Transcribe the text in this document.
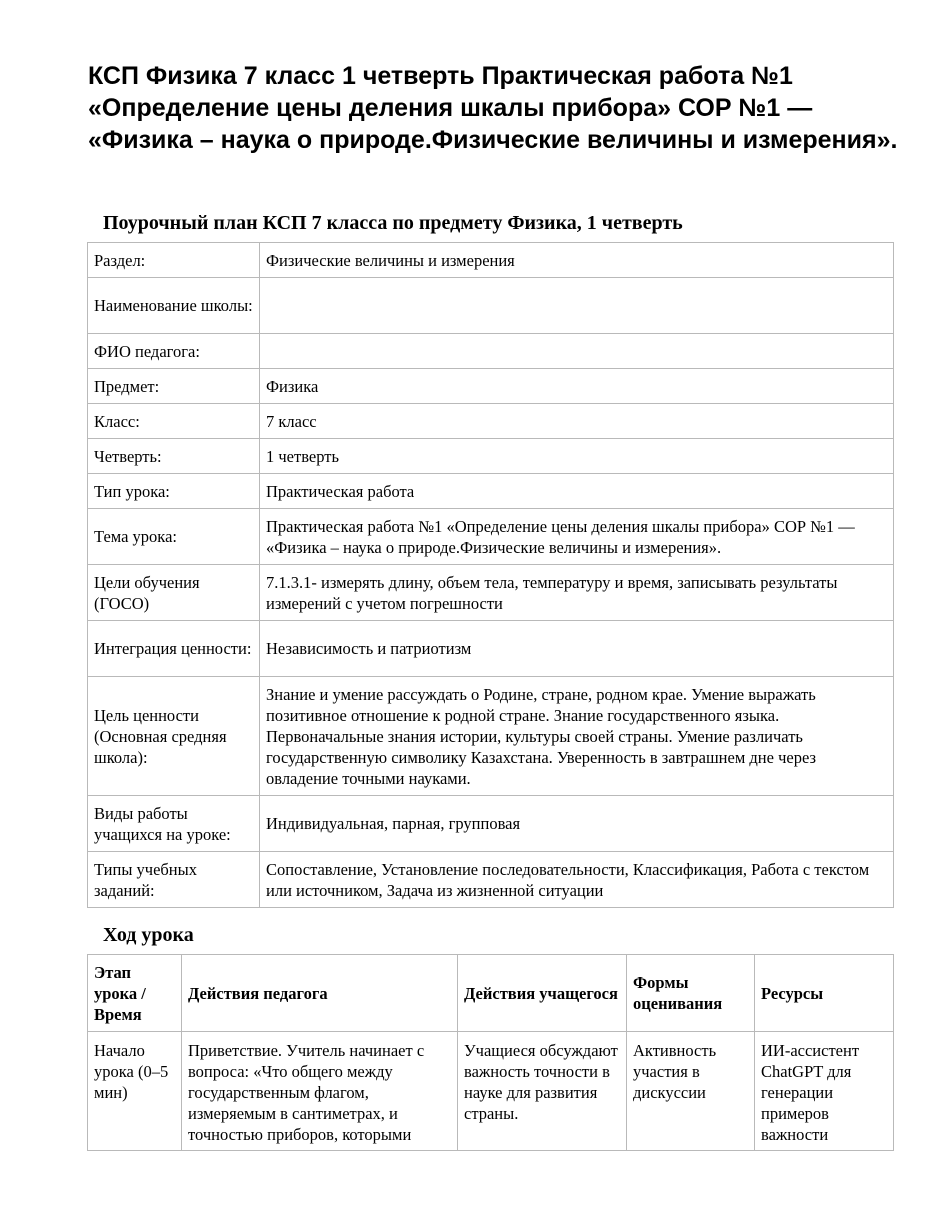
КСП Физика 7 класс 1 четверть Практическая работа №1 «Определение цены деления шкалы прибора» СОР №1 — «Физика – наука о природе.Физические величины и измерения».
Поурочный план КСП 7 класса по предмету Физика, 1 четверть
Раздел:	Физические величины и измерения
Наименование школы:	
ФИО педагога:	
Предмет:	Физика
Класс:	7 класс
Четверть:	1 четверть
Тип урока:	Практическая работа
Тема урока:	Практическая работа №1 «Определение цены деления шкалы прибора» СОР №1 — «Физика – наука о природе.Физические величины и измерения».
Цели обучения (ГОСО)	7.1.3.1- измерять длину, объем тела, температуру и время, записывать результаты измерений с учетом погрешности
Интеграция ценности:	Независимость и патриотизм
Цель ценности (Основная средняя школа):	Знание и умение рассуждать о Родине, стране, родном крае. Умение выражать позитивное отношение к родной стране. Знание государственного языка. Первоначальные знания истории, культуры своей страны. Умение различать государственную символику Казахстана. Уверенность в завтрашнем дне через овладение точными науками.
Виды работы учащихся на уроке:	Индивидуальная, парная, групповая
Типы учебных заданий:	Сопоставление, Установление последовательности, Классификация, Работа с текстом или источником, Задача из жизненной ситуации
Ход урока
Этап урока / Время	Действия педагога	Действия учащегося	Формы оценивания	Ресурсы

Начало урока (0–5 мин)	Приветствие. Учитель начинает с вопроса: «Что общего между государственным флагом, измеряемым в сантиметрах, и точностью приборов, которыми	Учащиеся обсуждают важность точности в науке для развития страны.	Активность участия в дискуссии	ИИ-ассистент ChatGPT для генерации примеров важности
